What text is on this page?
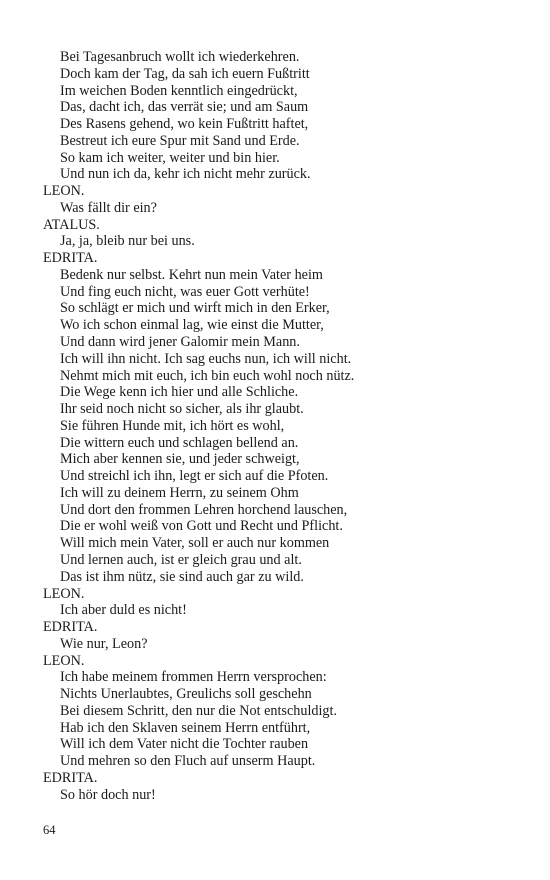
Bei Tagesanbruch wollt ich wiederkehren.
Doch kam der Tag, da sah ich euern Fußtritt
Im weichen Boden kenntlich eingedrückt,
Das, dacht ich, das verrät sie; und am Saum
Des Rasens gehend, wo kein Fußtritt haftet,
Bestreut ich eure Spur mit Sand und Erde.
So kam ich weiter, weiter und bin hier.
Und nun ich da, kehr ich nicht mehr zurück.
LEON.
Was fällt dir ein?
ATALUS.
Ja, ja, bleib nur bei uns.
EDRITA.
Bedenk nur selbst. Kehrt nun mein Vater heim
Und fing euch nicht, was euer Gott verhüte!
So schlägt er mich und wirft mich in den Erker,
Wo ich schon einmal lag, wie einst die Mutter,
Und dann wird jener Galomir mein Mann.
Ich will ihn nicht. Ich sag euchs nun, ich will nicht.
Nehmt mich mit euch, ich bin euch wohl noch nütz.
Die Wege kenn ich hier und alle Schliche.
Ihr seid noch nicht so sicher, als ihr glaubt.
Sie führen Hunde mit, ich hört es wohl,
Die wittern euch und schlagen bellend an.
Mich aber kennen sie, und jeder schweigt,
Und streichl ich ihn, legt er sich auf die Pfoten.
Ich will zu deinem Herrn, zu seinem Ohm
Und dort den frommen Lehren horchend lauschen,
Die er wohl weiß von Gott und Recht und Pflicht.
Will mich mein Vater, soll er auch nur kommen
Und lernen auch, ist er gleich grau und alt.
Das ist ihm nütz, sie sind auch gar zu wild.
LEON.
Ich aber duld es nicht!
EDRITA.
Wie nur, Leon?
LEON.
Ich habe meinem frommen Herrn versprochen:
Nichts Unerlaubtes, Greulichs soll geschehn
Bei diesem Schritt, den nur die Not entschuldigt.
Hab ich den Sklaven seinem Herrn entführt,
Will ich dem Vater nicht die Tochter rauben
Und mehren so den Fluch auf unserm Haupt.
EDRITA.
So hör doch nur!
64
